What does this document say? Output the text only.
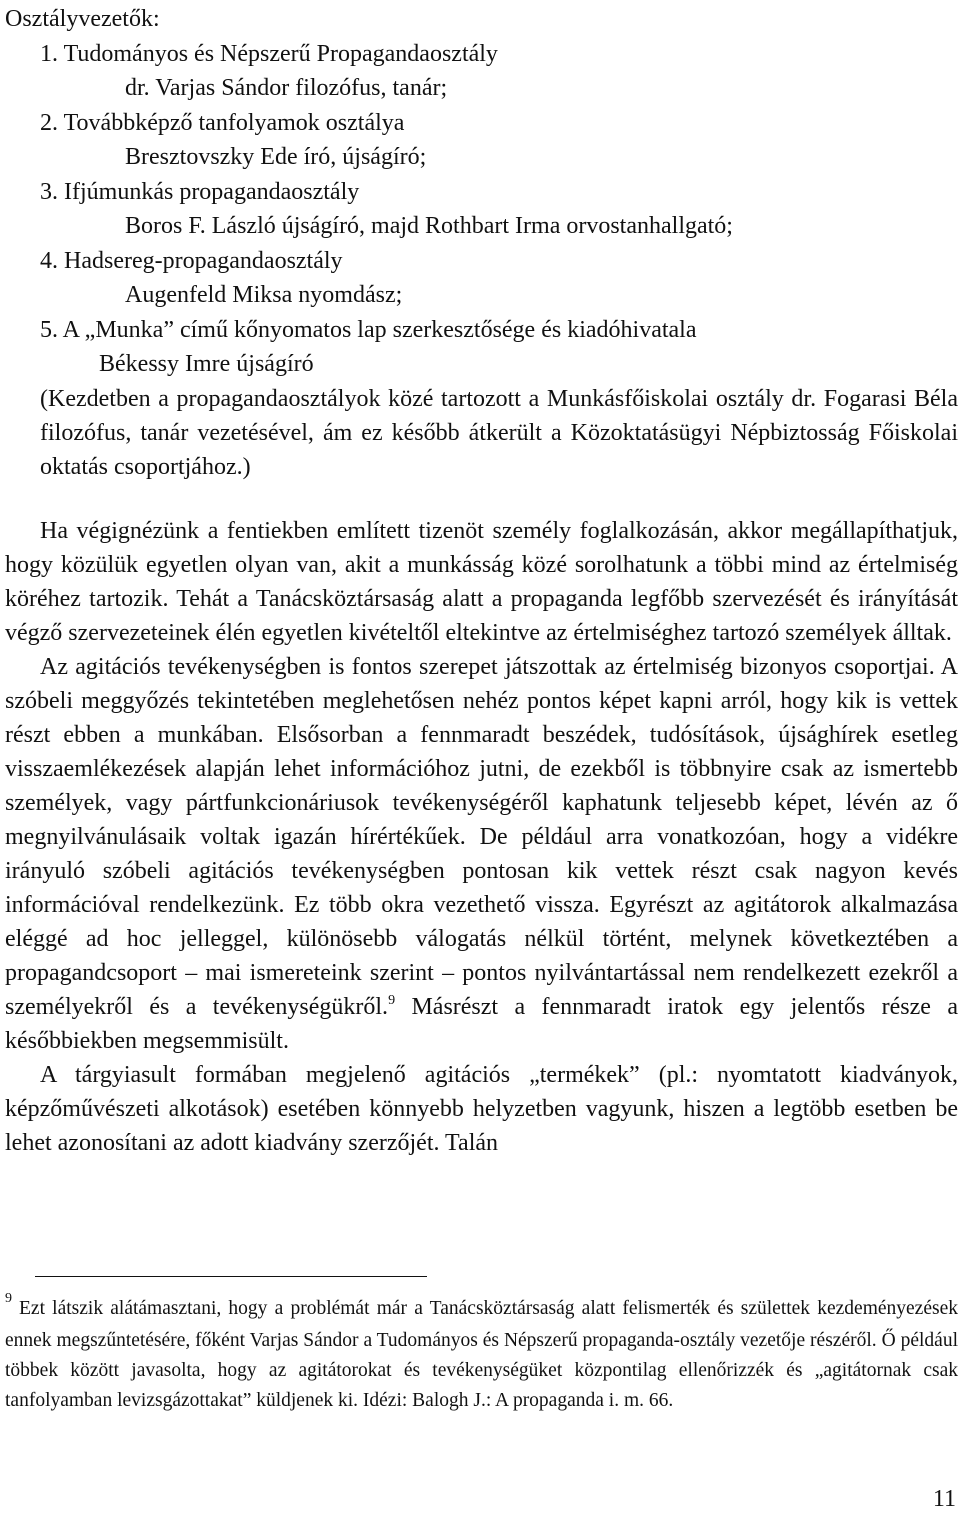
Osztályvezetők:
1. Tudományos és Népszerű Propagandaosztály
dr. Varjas Sándor filozófus, tanár;
2. Továbbképző tanfolyamok osztálya
Bresztovszky Ede író, újságíró;
3. Ifjúmunkás propagandaosztály
Boros F. László újságíró, majd Rothbart Irma orvostanhallgató;
4. Hadsereg-propagandaosztály
Augenfeld Miksa nyomdász;
5. A „Munka” című kőnyomatos lap szerkesztősége és kiadóhivatala
Békessy Imre újságíró

(Kezdetben a propagandaosztályok közé tartozott a Munkásfőiskolai osztály dr. Fogarasi Béla filozófus, tanár vezetésével, ám ez később átkerült a Közoktatásügyi Népbiztosság Főiskolai oktatás csoportjához.)

Ha végignézünk a fentiekben említett tizenöt személy foglalkozásán, akkor megállapíthatjuk, hogy közülük egyetlen olyan van, akit a munkásság közé sorolhatunk a többi mind az értelmiség köréhez tartozik. Tehát a Tanácsköztársaság alatt a propaganda legfőbb szervezését és irányítását végző szervezeteinek élén egyetlen kivételtől eltekintve az értelmiséghez tartozó személyek álltak.

Az agitációs tevékenységben is fontos szerepet játszottak az értelmiség bizonyos csoportjai. A szóbeli meggyőzés tekintetében meglehetősen nehéz pontos képet kapni arról, hogy kik is vettek részt ebben a munkában. Elsősorban a fennmaradt beszédek, tudósítások, újsághírek esetleg visszaemlékezések alapján lehet információhoz jutni, de ezekből is többnyire csak az ismertebb személyek, vagy pártfunkcionáriusok tevékenységéről kaphatunk teljesebb képet, lévén az ő megnyilvánulásaik voltak igazán hírértékűek. De például arra vonatkozóan, hogy a vidékre irányuló szóbeli agitációs tevékenységben pontosan kik vettek részt csak nagyon kevés információval rendelkezünk. Ez több okra vezethető vissza. Egyrészt az agitátorok alkalmazása eléggé ad hoc jelleggel, különösebb válogatás nélkül történt, melynek következtében a propagandcsoport – mai ismereteink szerint – pontos nyilvántartással nem rendelkezett ezekről a személyekről és a tevékenységükről.$^9$ Másrészt a fennmaradt iratok egy jelentős része a későbbiekben megsemmisült.

A tárgyiasult formában megjelenő agitációs „termékek” (pl.: nyomtatott kiadványok, képzőművészeti alkotások) esetében könnyebb helyzetben vagyunk, hiszen a legtöbb esetben be lehet azonosítani az adott kiadvány szerzőjét. Talán

$^9$ Ezt látszik alátámasztani, hogy a problémát már a Tanácsköztársaság alatt felismerték és születtek kezdeményezések ennek megszűntetésére, főként Varjas Sándor a Tudományos és Népszerű propaganda-osztály vezetője részéről. Ő például többek között javasolta, hogy az agitátorokat és tevékenységüket központilag ellenőrizzék és „agitátornak csak tanfolyamban levizsgázottakat” küldjenek ki. Idézi: Balogh J.: A propaganda i. m. 66.
11
